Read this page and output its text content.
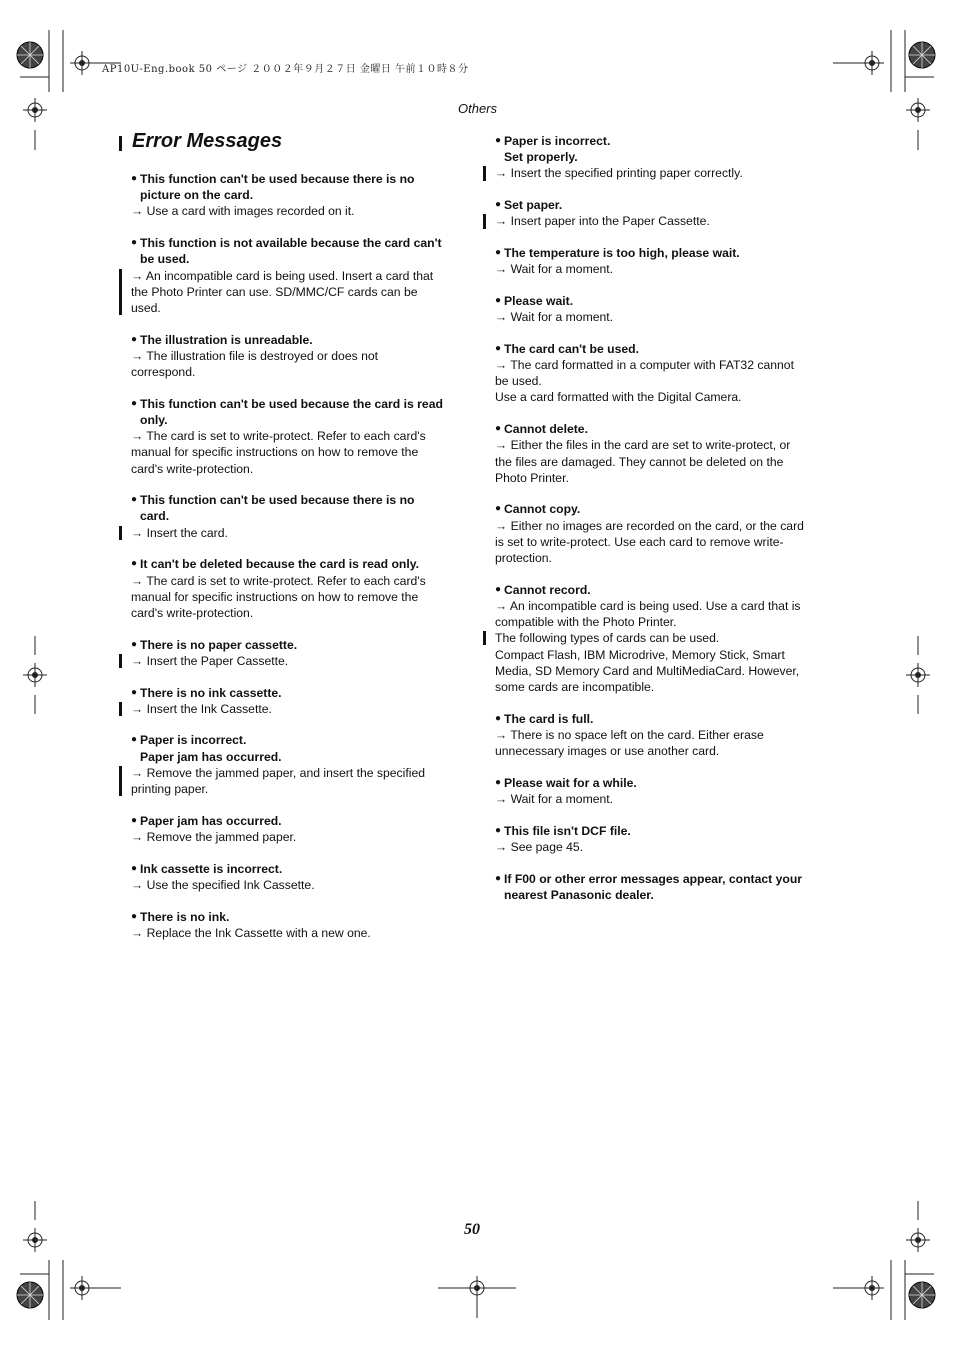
AP10U-Eng.book 50 ページ ２００２年９月２７日 金曜日 午前１０時８分
Others
Error Messages
● This function can't be used because there is no
picture on the card.
→ Use a card with images recorded on it.
● This function is not available because the card can't
be used.
→ An incompatible card is being used. Insert a card that
the Photo Printer can use. SD/MMC/CF cards can be
used.
● The illustration is unreadable.
→ The illustration file is destroyed or does not
correspond.
● This function can't be used because the card is read
only.
→ The card is set to write-protect. Refer to each card's
manual for specific instructions on how to remove the
card's write-protection.
● This function can't be used because there is no
card.
→ Insert the card.
● It can't be deleted because the card is read only.
→ The card is set to write-protect. Refer to each card's
manual for specific instructions on how to remove the
card's write-protection.
● There is no paper cassette.
→ Insert the Paper Cassette.
● There is no ink cassette.
→ Insert the Ink Cassette.
● Paper is incorrect.
Paper jam has occurred.
→ Remove the jammed paper, and insert the specified
printing paper.
● Paper jam has occurred.
→ Remove the jammed paper.
● Ink cassette is incorrect.
→ Use the specified Ink Cassette.
● There is no ink.
→ Replace the Ink Cassette with a new one.
● Paper is incorrect.
Set properly.
→ Insert the specified printing paper correctly.
● Set paper.
→ Insert paper into the Paper Cassette.
● The temperature is too high, please wait.
→ Wait for a moment.
● Please wait.
→ Wait for a moment.
● The card can't be used.
→ The card formatted in a computer with FAT32 cannot
be used.
Use a card formatted with the Digital Camera.
● Cannot delete.
→ Either the files in the card are set to write-protect, or
the files are damaged. They cannot be deleted on the
Photo Printer.
● Cannot copy.
→ Either no images are recorded on the card, or the card
is set to write-protect. Use each card to remove write-
protection.
● Cannot record.
→ An incompatible card is being used. Use a card that is
compatible with the Photo Printer.
The following types of cards can be used.
Compact Flash, IBM Microdrive, Memory Stick, Smart
Media, SD Memory Card and MultiMediaCard. However,
some cards are incompatible.
● The card is full.
→ There is no space left on the card. Either erase
unnecessary images or use another card.
● Please wait for a while.
→ Wait for a moment.
● This file isn't DCF file.
→ See page 45.
● If F00 or other error messages appear, contact your
nearest Panasonic dealer.
50
